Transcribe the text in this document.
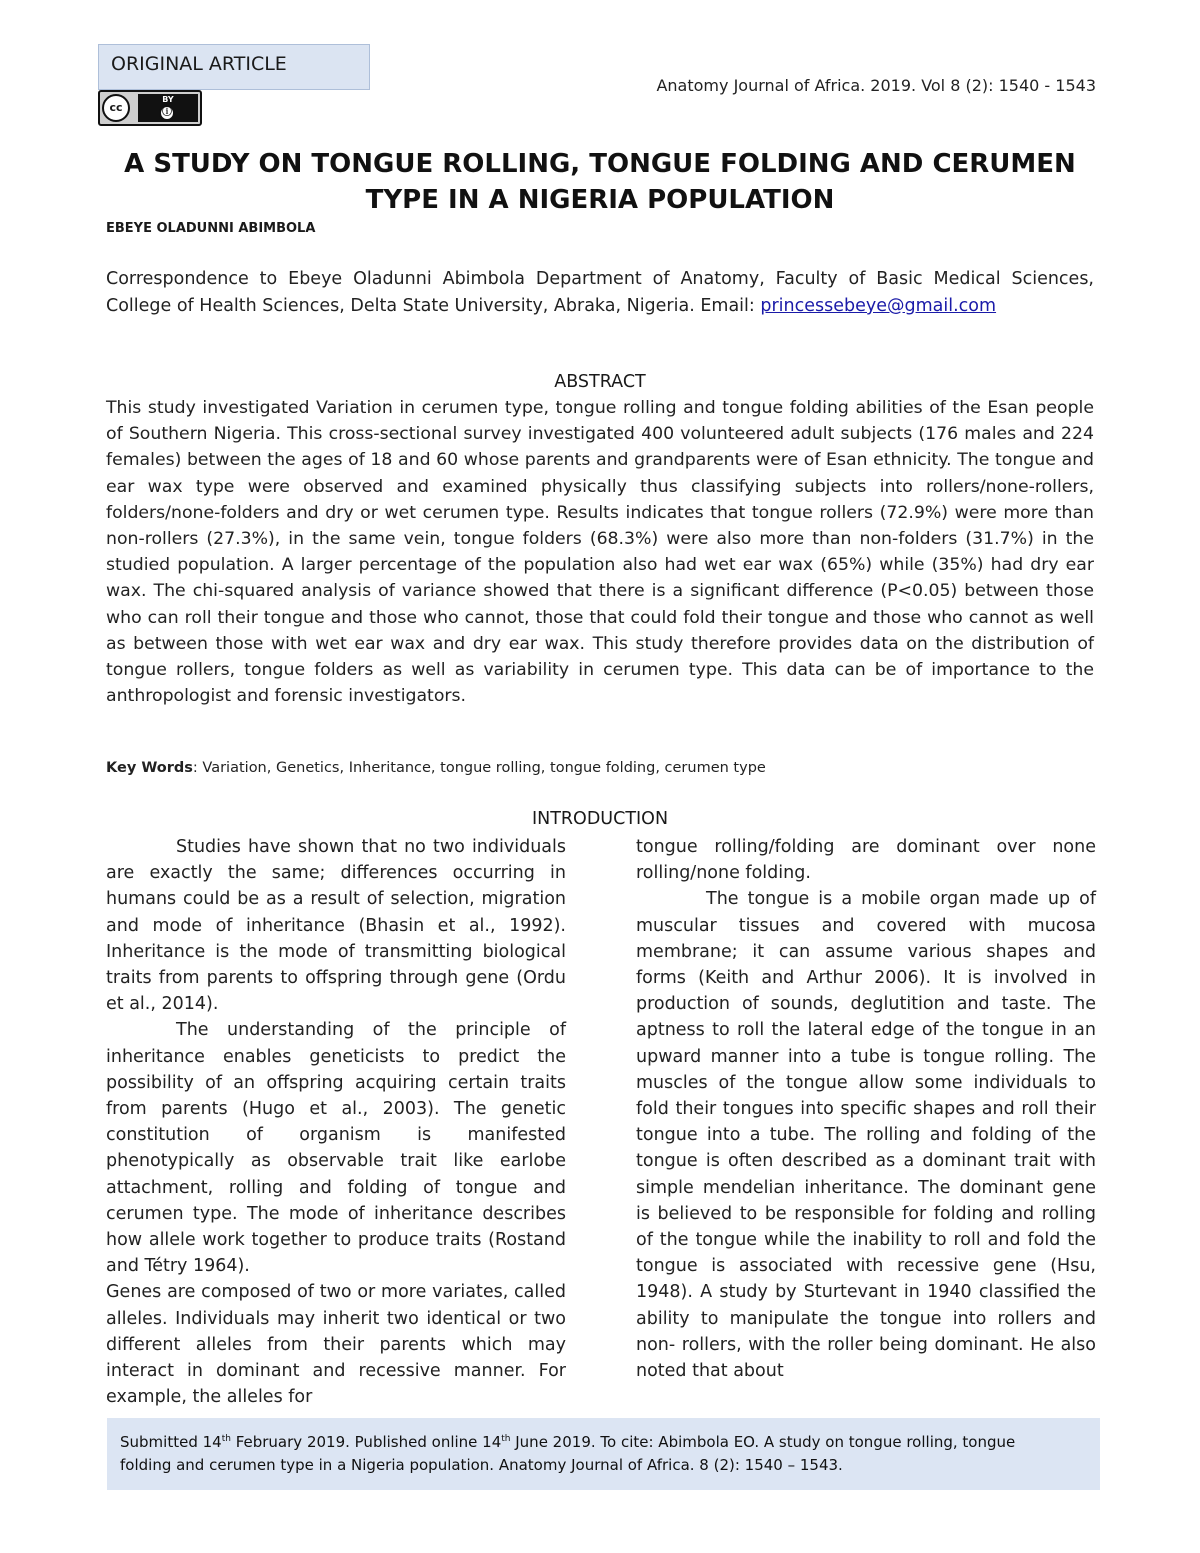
ORIGINAL ARTICLE
cc
BY
ⓘ
Anatomy Journal of Africa. 2019. Vol 8 (2): 1540 - 1543
A STUDY ON TONGUE ROLLING, TONGUE FOLDING AND CERUMEN TYPE IN A NIGERIA POPULATION
EBEYE OLADUNNI ABIMBOLA

Correspondence to Ebeye Oladunni Abimbola Department of Anatomy, Faculty of Basic Medical Sciences, College of Health Sciences, Delta State University, Abraka, Nigeria. Email: princessebeye@gmail.com

ABSTRACT

This study investigated Variation in cerumen type, tongue rolling and tongue folding abilities of the Esan people of Southern Nigeria. This cross-sectional survey investigated 400 volunteered adult subjects (176 males and 224 females) between the ages of 18 and 60 whose parents and grandparents were of Esan ethnicity. The tongue and ear wax type were observed and examined physically thus classifying subjects into rollers/none-rollers, folders/none-folders and dry or wet cerumen type. Results indicates that tongue rollers (72.9%) were more than non-rollers (27.3%), in the same vein, tongue folders (68.3%) were also more than non-folders (31.7%) in the studied population. A larger percentage of the population also had wet ear wax (65%) while (35%) had dry ear wax. The chi-squared analysis of variance showed that there is a significant difference (P<0.05) between those who can roll their tongue and those who cannot, those that could fold their tongue and those who cannot as well as between those with wet ear wax and dry ear wax. This study therefore provides data on the distribution of tongue rollers, tongue folders as well as variability in cerumen type. This data can be of importance to the anthropologist and forensic investigators.

Key Words: Variation, Genetics, Inheritance, tongue rolling, tongue folding, cerumen type
INTRODUCTION

Studies have shown that no two individuals are exactly the same; differences occurring in humans could be as a result of selection, migration and mode of inheritance (Bhasin et al., 1992). Inheritance is the mode of transmitting biological traits from parents to offspring through gene (Ordu et al., 2014).

The understanding of the principle of inheritance enables geneticists to predict the possibility of an offspring acquiring certain traits from parents (Hugo et al., 2003). The genetic constitution of organism is manifested phenotypically as observable trait like earlobe attachment, rolling and folding of tongue and cerumen type. The mode of inheritance describes how allele work together to produce traits (Rostand and Tétry 1964).

Genes are composed of two or more variates, called alleles. Individuals may inherit two identical or two different alleles from their parents which may interact in dominant and recessive manner. For example, the alleles for

tongue rolling/folding are dominant over none rolling/none folding.

The tongue is a mobile organ made up of muscular tissues and covered with mucosa membrane; it can assume various shapes and forms (Keith and Arthur 2006). It is involved in production of sounds, deglutition and taste. The aptness to roll the lateral edge of the tongue in an upward manner into a tube is tongue rolling. The muscles of the tongue allow some individuals to fold their tongues into specific shapes and roll their tongue into a tube. The rolling and folding of the tongue is often described as a dominant trait with simple mendelian inheritance. The dominant gene is believed to be responsible for folding and rolling of the tongue while the inability to roll and fold the tongue is associated with recessive gene (Hsu, 1948). A study by Sturtevant in 1940 classified the ability to manipulate the tongue into rollers and non- rollers, with the roller being dominant. He also noted that about

Submitted 14th February 2019. Published online 14th June 2019. To cite: Abimbola EO. A study on tongue rolling, tongue folding and cerumen type in a Nigeria population. Anatomy Journal of Africa. 8 (2): 1540 – 1543.
